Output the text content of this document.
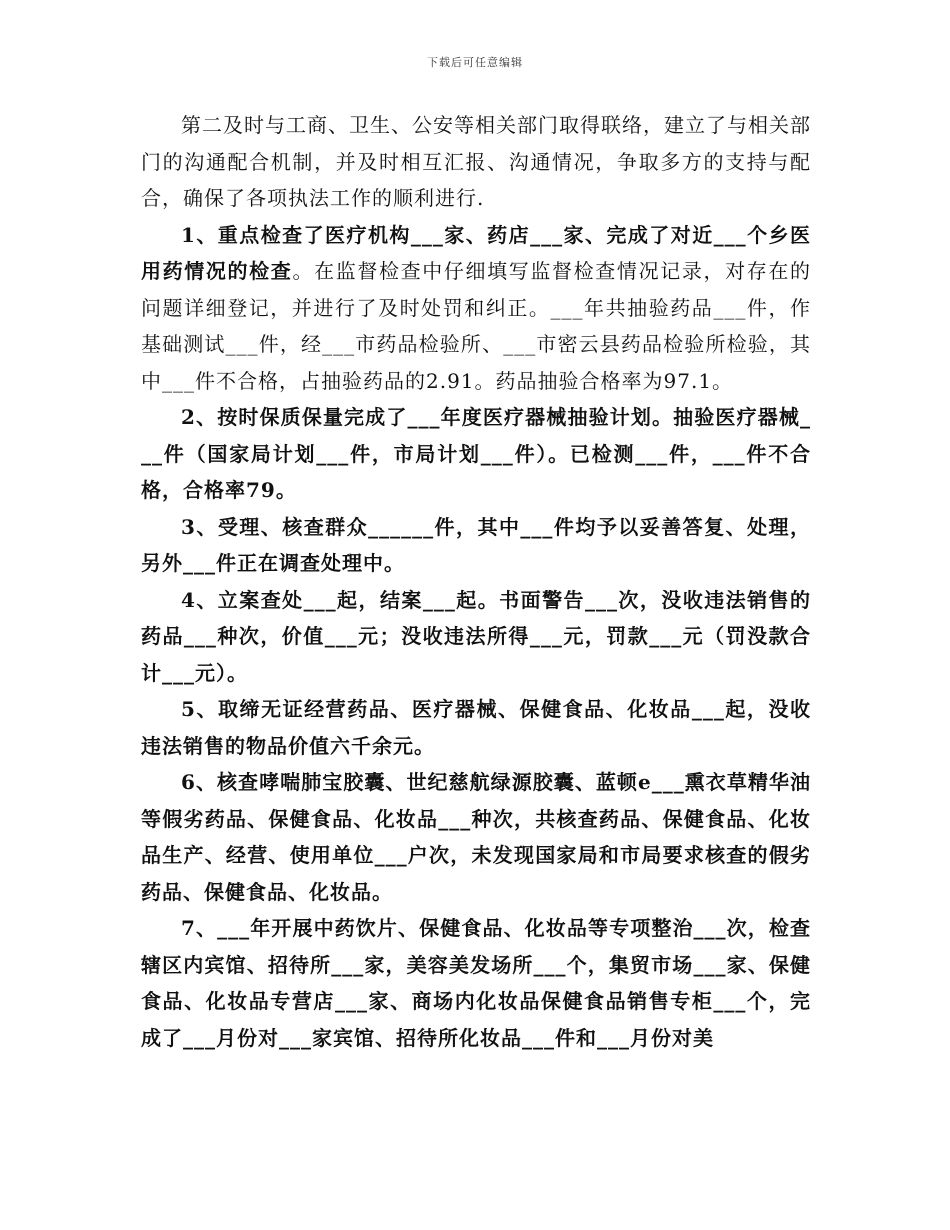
下载后可任意编辑

第二及时与工商、卫生、公安等相关部门取得联络，建立了与相关部门的沟通配合机制，并及时相互汇报、沟通情况，争取多方的支持与配合，确保了各项执法工作的顺利进行.

1、重点检查了医疗机构___家、药店___家、完成了对近___个乡医用药情况的检查。在监督检查中仔细填写监督检查情况记录，对存在的问题详细登记，并进行了及时处罚和纠正。___年共抽验药品___件，作基础测试___件，经___市药品检验所、___市密云县药品检验所检验，其中___件不合格，占抽验药品的2.91。药品抽验合格率为97.1。

2、按时保质保量完成了___年度医疗器械抽验计划。抽验医疗器械___件（国家局计划___件，市局计划___件）。已检测___件，___件不合格，合格率79。

3、受理、核查群众______件，其中___件均予以妥善答复、处理，另外___件正在调查处理中。

4、立案查处___起，结案___起。书面警告___次，没收违法销售的药品___种次，价值___元；没收违法所得___元，罚款___元（罚没款合计___元）。

5、取缔无证经营药品、医疗器械、保健食品、化妆品___起，没收违法销售的物品价值六千余元。

6、核查哮喘肺宝胶囊、世纪慈航绿源胶囊、蓝顿e___熏衣草精华油等假劣药品、保健食品、化妆品___种次，共核查药品、保健食品、化妆品生产、经营、使用单位___户次，未发现国家局和市局要求核查的假劣药品、保健食品、化妆品。

7、___年开展中药饮片、保健食品、化妆品等专项整治___次，检查辖区内宾馆、招待所___家，美容美发场所___个，集贸市场___家、保健食品、化妆品专营店___家、商场内化妆品保健食品销售专柜___个，完成了___月份对___家宾馆、招待所化妆品___件和___月份对美
